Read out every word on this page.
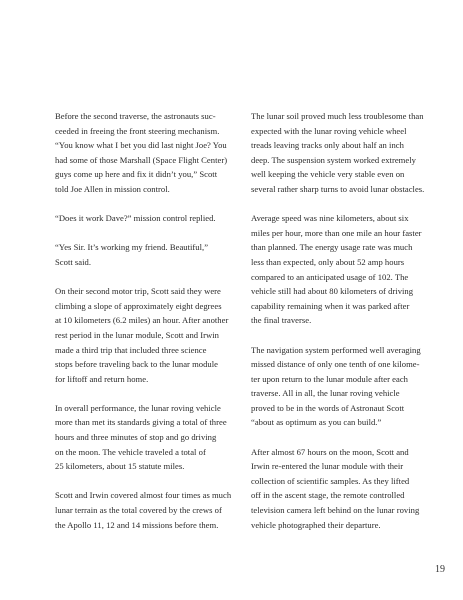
Before the second traverse, the astronauts suc-
ceeded in freeing the front steering mechanism.
“You know what I bet you did last night Joe? You
had some of those Marshall (Space Flight Center)
guys come up here and fix it didn’t you,” Scott
told Joe Allen in mission control.

“Does it work Dave?” mission control replied.

“Yes Sir. It’s working my friend. Beautiful,”
Scott said.

On their second motor trip, Scott said they were
climbing a slope of approximately eight degrees
at 10 kilometers (6.2 miles) an hour. After another
rest period in the lunar module, Scott and Irwin
made a third trip that included three science
stops before traveling back to the lunar module
for liftoff and return home.

In overall performance, the lunar roving vehicle
more than met its standards giving a total of three
hours and three minutes of stop and go driving
on the moon. The vehicle traveled a total of
25 kilometers, about 15 statute miles.

Scott and Irwin covered almost four times as much
lunar terrain as the total covered by the crews of
the Apollo 11, 12 and 14 missions before them.

The lunar soil proved much less troublesome than
expected with the lunar roving vehicle wheel
treads leaving tracks only about half an inch
deep. The suspension system worked extremely
well keeping the vehicle very stable even on
several rather sharp turns to avoid lunar obstacles.

Average speed was nine kilometers, about six
miles per hour, more than one mile an hour faster
than planned. The energy usage rate was much
less than expected, only about 52 amp hours
compared to an anticipated usage of 102. The
vehicle still had about 80 kilometers of driving
capability remaining when it was parked after
the final traverse.

The navigation system performed well averaging
missed distance of only one tenth of one kilome-
ter upon return to the lunar module after each
traverse. All in all, the lunar roving vehicle
proved to be in the words of Astronaut Scott
“about as optimum as you can build.”

After almost 67 hours on the moon, Scott and
Irwin re-entered the lunar module with their
collection of scientific samples. As they lifted
off in the ascent stage, the remote controlled
television camera left behind on the lunar roving
vehicle photographed their departure.

19
